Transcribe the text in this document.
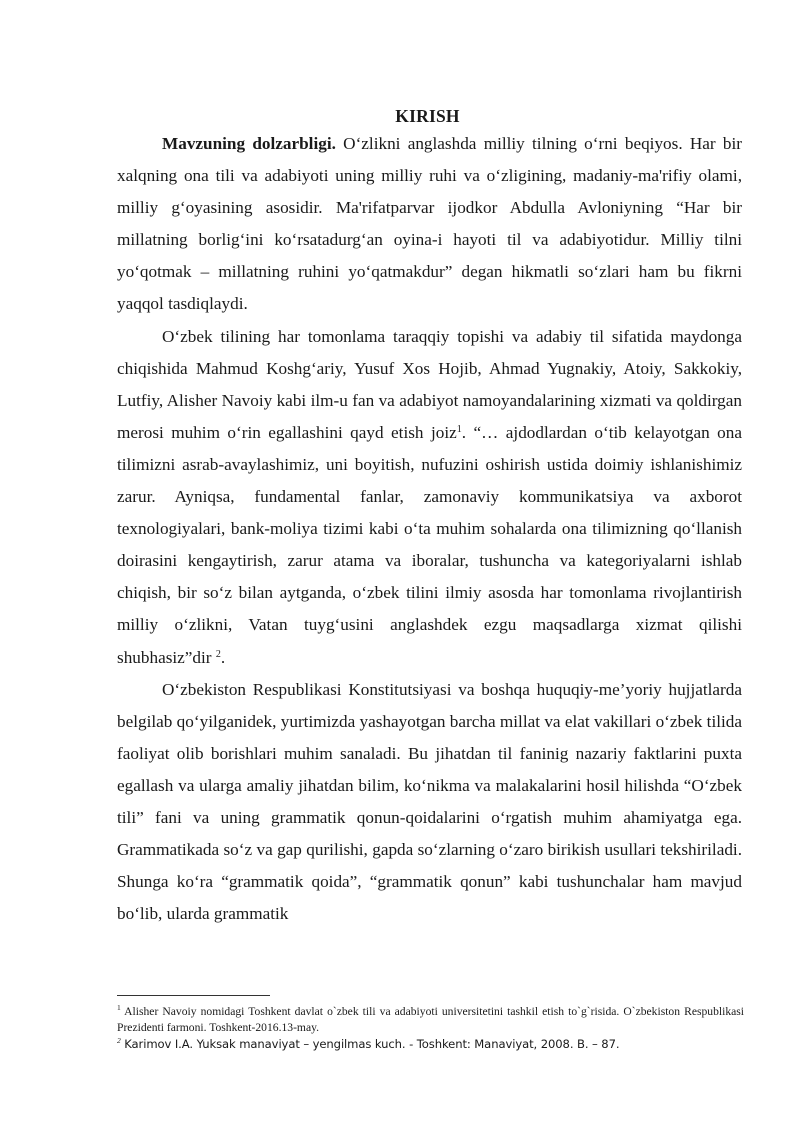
KIRISH

Mavzuning dolzarbligi. O‘zlikni anglashda milliy tilning o‘rni beqiyos. Har bir xalqning ona tili va adabiyoti uning milliy ruhi va o‘zligining, madaniy-ma'rifiy olami, milliy g‘oyasining asosidir. Ma'rifatparvar ijodkor Abdulla Avloniyning “Har bir millatning borlig‘ini ko‘rsatadurg‘an oyina-i hayoti til va adabiyotidur. Milliy tilni yo‘qotmak – millatning ruhini yo‘qatmakdur” degan hikmatli so‘zlari ham bu fikrni yaqqol tasdiqlaydi.

O‘zbek tilining har tomonlama taraqqiy topishi va adabiy til sifatida maydonga chiqishida Mahmud Koshg‘ariy, Yusuf Xos Hojib, Ahmad Yugnakiy, Atoiy, Sakkokiy, Lutfiy, Alisher Navoiy kabi ilm-u fan va adabiyot namoyandalarining xizmati va qoldirgan merosi muhim o‘rin egallashini qayd etish joiz$^1$. “… ajdodlardan o‘tib kelayotgan ona tilimizni asrab-avaylashimiz, uni boyitish, nufuzini oshirish ustida doimiy ishlanishimiz zarur. Ayniqsa, fundamental fanlar, zamonaviy kommunikatsiya va axborot texnologiyalari, bank-moliya tizimi kabi o‘ta muhim sohalarda ona tilimizning qo‘llanish doirasini kengaytirish, zarur atama va iboralar, tushuncha va kategoriyalarni ishlab chiqish, bir so‘z bilan aytganda, o‘zbek tilini ilmiy asosda har tomonlama rivojlantirish milliy o‘zlikni, Vatan tuyg‘usini anglashdek ezgu maqsadlarga xizmat qilishi shubhasiz”dir $^2$.

O‘zbekiston Respublikasi Konstitutsiyasi va boshqa huquqiy-me’yoriy hujjatlarda belgilab qo‘yilganidek, yurtimizda yashayotgan barcha millat va elat vakillari o‘zbek tilida faoliyat olib borishlari muhim sanaladi. Bu jihatdan til faninig nazariy faktlarini puxta egallash va ularga amaliy jihatdan bilim, ko‘nikma va malakalarini hosil hilishda “O‘zbek tili” fani va uning grammatik qonun-qoidalarini o‘rgatish muhim ahamiyatga ega. Grammatikada so‘z va gap qurilishi, gapda so‘zlarning o‘zaro birikish usullari tekshiriladi. Shunga ko‘ra “grammatik qoida”, “grammatik qonun” kabi tushunchalar ham mavjud bo‘lib, ularda grammatik

$^1$ Alisher Navoiy nomidagi Toshkent davlat o`zbek tili va adabiyoti universitetini tashkil etish to`g`risida. O`zbekiston Respublikasi Prezidenti farmoni. Toshkent-2016.13-may.
$^2$ Karimov I.A. Yuksak manaviyat – yengilmas kuch. - Toshkent: Manaviyat, 2008. B. – 87.
